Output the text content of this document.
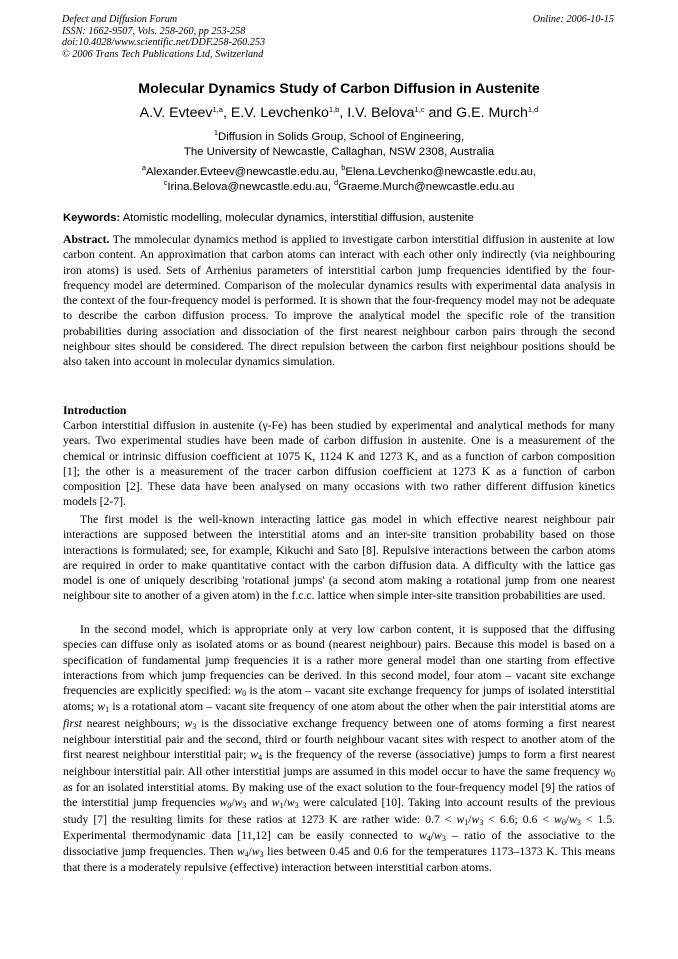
Defect and Diffusion Forum
ISSN: 1662-9507, Vols. 258-260, pp 253-258
doi:10.4028/www.scientific.net/DDF.258-260.253
© 2006 Trans Tech Publications Ltd, Switzerland
Online: 2006-10-15
Molecular Dynamics Study of Carbon Diffusion in Austenite
A.V. Evteev$^{1,a}$, E.V. Levchenko$^{1,b}$, I.V. Belova$^{1,c}$ and G.E. Murch$^{1,d}$
$^1$Diffusion in Solids Group, School of Engineering,
The University of Newcastle, Callaghan, NSW 2308, Australia
$^a$Alexander.Evteev@newcastle.edu.au, $^b$Elena.Levchenko@newcastle.edu.au,
$^c$Irina.Belova@newcastle.edu.au, $^d$Graeme.Murch@newcastle.edu.au
Keywords: Atomistic modelling, molecular dynamics, interstitial diffusion, austenite

Abstract. The mmolecular dynamics method is applied to investigate carbon interstitial diffusion in austenite at low carbon content. An approximation that carbon atoms can interact with each other only indirectly (via neighbouring iron atoms) is used. Sets of Arrhenius parameters of interstitial carbon jump frequencies identified by the four-frequency model are determined. Comparison of the molecular dynamics results with experimental data analysis in the context of the four-frequency model is performed. It is shown that the four-frequency model may not be adequate to describe the carbon diffusion process. To improve the analytical model the specific role of the transition probabilities during association and dissociation of the first nearest neighbour carbon pairs through the second neighbour sites should be considered. The direct repulsion between the carbon first neighbour positions should be also taken into account in molecular dynamics simulation.

Introduction

Carbon interstitial diffusion in austenite (γ-Fe) has been studied by experimental and analytical methods for many years. Two experimental studies have been made of carbon diffusion in austenite. One is a measurement of the chemical or intrinsic diffusion coefficient at 1075 K, 1124 K and 1273 K, and as a function of carbon composition [1]; the other is a measurement of the tracer carbon diffusion coefficient at 1273 K as a function of carbon composition [2]. These data have been analysed on many occasions with two rather different diffusion kinetics models [2-7].

The first model is the well-known interacting lattice gas model in which effective nearest neighbour pair interactions are supposed between the interstitial atoms and an inter-site transition probability based on those interactions is formulated; see, for example, Kikuchi and Sato [8]. Repulsive interactions between the carbon atoms are required in order to make quantitative contact with the carbon diffusion data. A difficulty with the lattice gas model is one of uniquely describing 'rotational jumps' (a second atom making a rotational jump from one nearest neighbour site to another of a given atom) in the f.c.c. lattice when simple inter-site transition probabilities are used.

In the second model, which is appropriate only at very low carbon content, it is supposed that the diffusing species can diffuse only as isolated atoms or as bound (nearest neighbour) pairs. Because this model is based on a specification of fundamental jump frequencies it is a rather more general model than one starting from effective interactions from which jump frequencies can be derived. In this second model, four atom – vacant site exchange frequencies are explicitly specified: w0 is the atom – vacant site exchange frequency for jumps of isolated interstitial atoms; w1 is a rotational atom – vacant site frequency of one atom about the other when the pair interstitial atoms are first nearest neighbours; w3 is the dissociative exchange frequency between one of atoms forming a first nearest neighbour interstitial pair and the second, third or fourth neighbour vacant sites with respect to another atom of the first nearest neighbour interstitial pair; w4 is the frequency of the reverse (associative) jumps to form a first nearest neighbour interstitial pair. All other interstitial jumps are assumed in this model occur to have the same frequency w0 as for an isolated interstitial atoms. By making use of the exact solution to the four-frequency model [9] the ratios of the interstitial jump frequencies w0/w3 and w1/w3 were calculated [10]. Taking into account results of the previous study [7] the resulting limits for these ratios at 1273 K are rather wide: 0.7 < w1/w3 < 6.6; 0.6 < w0/w3 < 1.5. Experimental thermodynamic data [11,12] can be easily connected to w4/w3 – ratio of the associative to the dissociative jump frequencies. Then w4/w3 lies between 0.45 and 0.6 for the temperatures 1173–1373 K. This means that there is a moderately repulsive (effective) interaction between interstitial carbon atoms.
